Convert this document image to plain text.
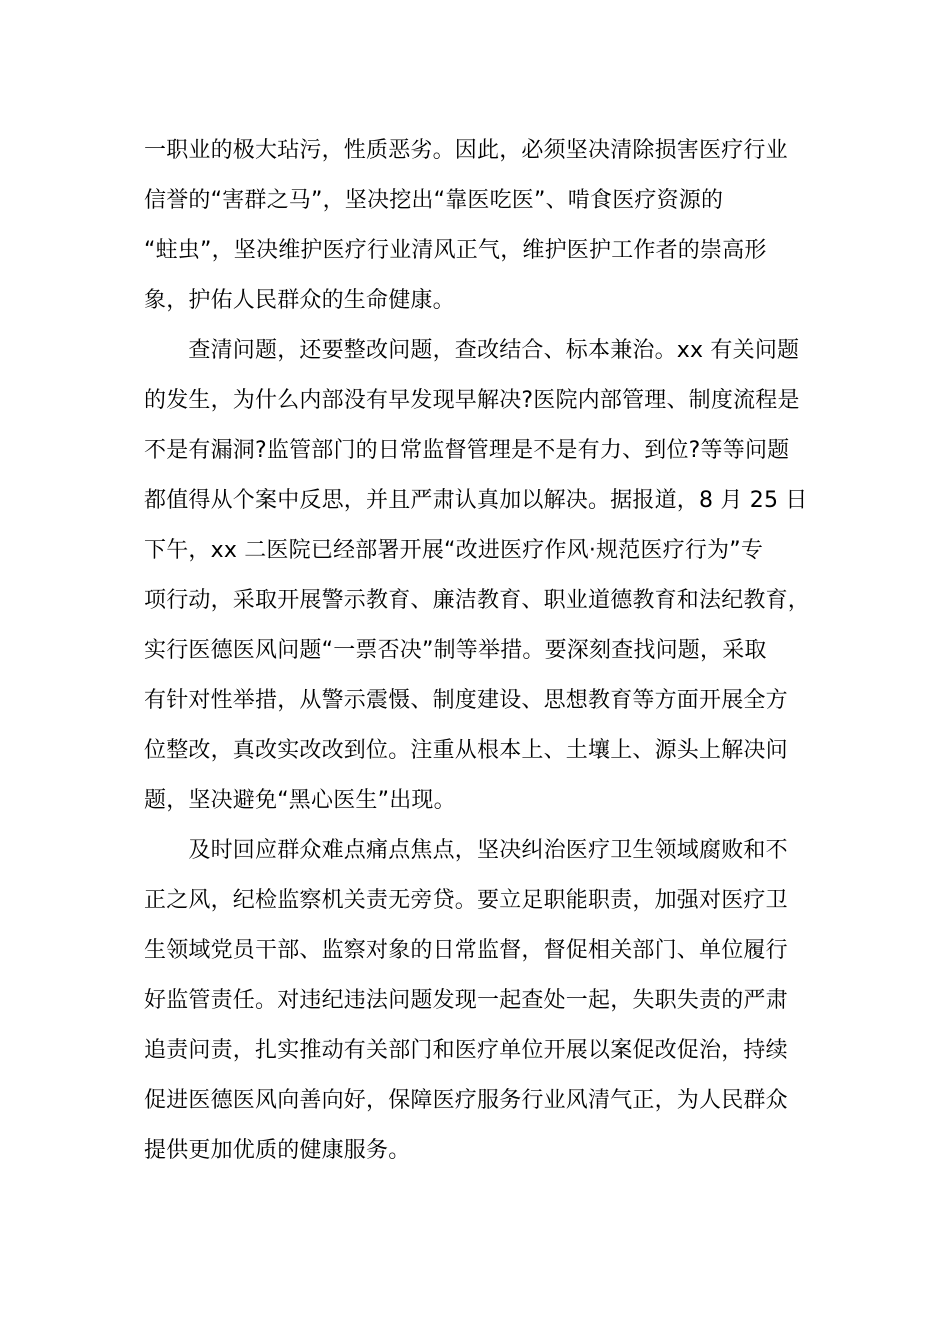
一职业的极大玷污，性质恶劣。因此，必须坚决清除损害医疗行业
信誉的“害群之马”，坚决挖出“靠医吃医”、啃食医疗资源的
“蛀虫”，坚决维护医疗行业清风正气，维护医护工作者的崇高形
象，护佑人民群众的生命健康。
　　查清问题，还要整改问题，查改结合、标本兼治。xx 有关问题
的发生，为什么内部没有早发现早解决?医院内部管理、制度流程是
不是有漏洞?监管部门的日常监督管理是不是有力、到位?等等问题
都值得从个案中反思，并且严肃认真加以解决。据报道，8 月 25 日
下午，xx 二医院已经部署开展“改进医疗作风·规范医疗行为”专
项行动，采取开展警示教育、廉洁教育、职业道德教育和法纪教育，
实行医德医风问题“一票否决”制等举措。要深刻查找问题，采取
有针对性举措，从警示震慑、制度建设、思想教育等方面开展全方
位整改，真改实改改到位。注重从根本上、土壤上、源头上解决问
题，坚决避免“黑心医生”出现。
　　及时回应群众难点痛点焦点，坚决纠治医疗卫生领域腐败和不
正之风，纪检监察机关责无旁贷。要立足职能职责，加强对医疗卫
生领域党员干部、监察对象的日常监督，督促相关部门、单位履行
好监管责任。对违纪违法问题发现一起查处一起，失职失责的严肃
追责问责，扎实推动有关部门和医疗单位开展以案促改促治，持续
促进医德医风向善向好，保障医疗服务行业风清气正，为人民群众
提供更加优质的健康服务。
